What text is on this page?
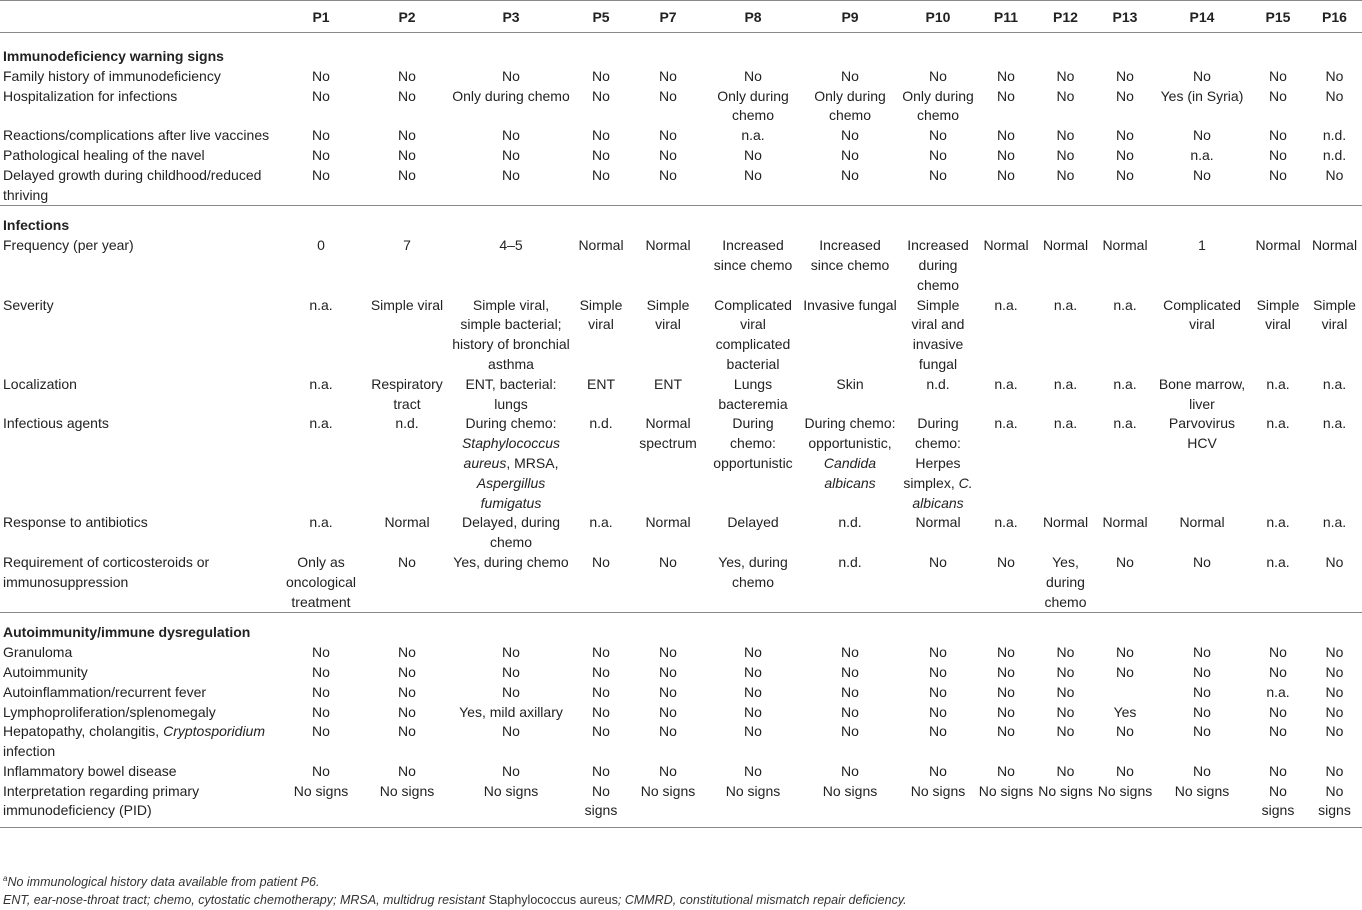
	P1	P2	P3	P5	P7	P8	P9	P10	P11	P12	P13	P14	P15	P16
Immunodeficiency warning signs														
Family history of immunodeficiency	No	No	No	No	No	No	No	No	No	No	No	No	No	No
Hospitalization for infections	No	No	Only during chemo	No	No	Only during chemo	Only during chemo	Only during chemo	No	No	No	Yes (in Syria)	No	No
Reactions/complications after live vaccines	No	No	No	No	No	n.a.	No	No	No	No	No	No	No	n.d.
Pathological healing of the navel	No	No	No	No	No	No	No	No	No	No	No	n.a.	No	n.d.
Delayed growth during childhood/reduced thriving	No	No	No	No	No	No	No	No	No	No	No	No	No	No
Infections														
Frequency (per year)	0	7	4–5	Normal	Normal	Increased since chemo	Increased since chemo	Increased during chemo	Normal	Normal	Normal	1	Normal	Normal
Severity	n.a.	Simple viral	Simple viral, simple bacterial; history of bronchial asthma	Simple viral	Simple viral	Complicated viral complicated bacterial	Invasive fungal	Simple viral and invasive fungal	n.a.	n.a.	n.a.	Complicated viral	Simple viral	Simple viral
Localization	n.a.	Respiratory tract	ENT, bacterial: lungs	ENT	ENT	Lungs bacteremia	Skin	n.d.	n.a.	n.a.	n.a.	Bone marrow, liver	n.a.	n.a.
Infectious agents	n.a.	n.d.	During chemo: Staphylococcus aureus, MRSA, Aspergillus fumigatus	n.d.	Normal spectrum	During chemo: opportunistic	During chemo: opportunistic, Candida albicans	During chemo: Herpes simplex, C. albicans	n.a.	n.a.	n.a.	Parvovirus HCV	n.a.	n.a.
Response to antibiotics	n.a.	Normal	Delayed, during chemo	n.a.	Normal	Delayed	n.d.	Normal	n.a.	Normal	Normal	Normal	n.a.	n.a.
Requirement of corticosteroids or immunosuppression	Only as oncological treatment	No	Yes, during chemo	No	No	Yes, during chemo	n.d.	No	No	Yes, during chemo	No	No	n.a.	No
Autoimmunity/immune dysregulation														
Granuloma	No	No	No	No	No	No	No	No	No	No	No	No	No	No
Autoimmunity	No	No	No	No	No	No	No	No	No	No	No	No	No	No
Autoinflammation/recurrent fever	No	No	No	No	No	No	No	No	No	No		No	n.a.	No
Lymphoproliferation/splenomegaly	No	No	Yes, mild axillary	No	No	No	No	No	No	No	Yes	No	No	No
Hepatopathy, cholangitis, Cryptosporidium infection	No	No	No	No	No	No	No	No	No	No	No	No	No	No
Inflammatory bowel disease	No	No	No	No	No	No	No	No	No	No	No	No	No	No
Interpretation regarding primary immunodeficiency (PID)	No signs	No signs	No signs	No signs	No signs	No signs	No signs	No signs	No signs	No signs	No signs	No signs	No signs	No signs
$^a$No immunological history data available from patient P6.
ENT, ear-nose-throat tract; chemo, cytostatic chemotherapy; MRSA, multidrug resistant Staphylococcus aureus; CMMRD, constitutional mismatch repair deficiency.
